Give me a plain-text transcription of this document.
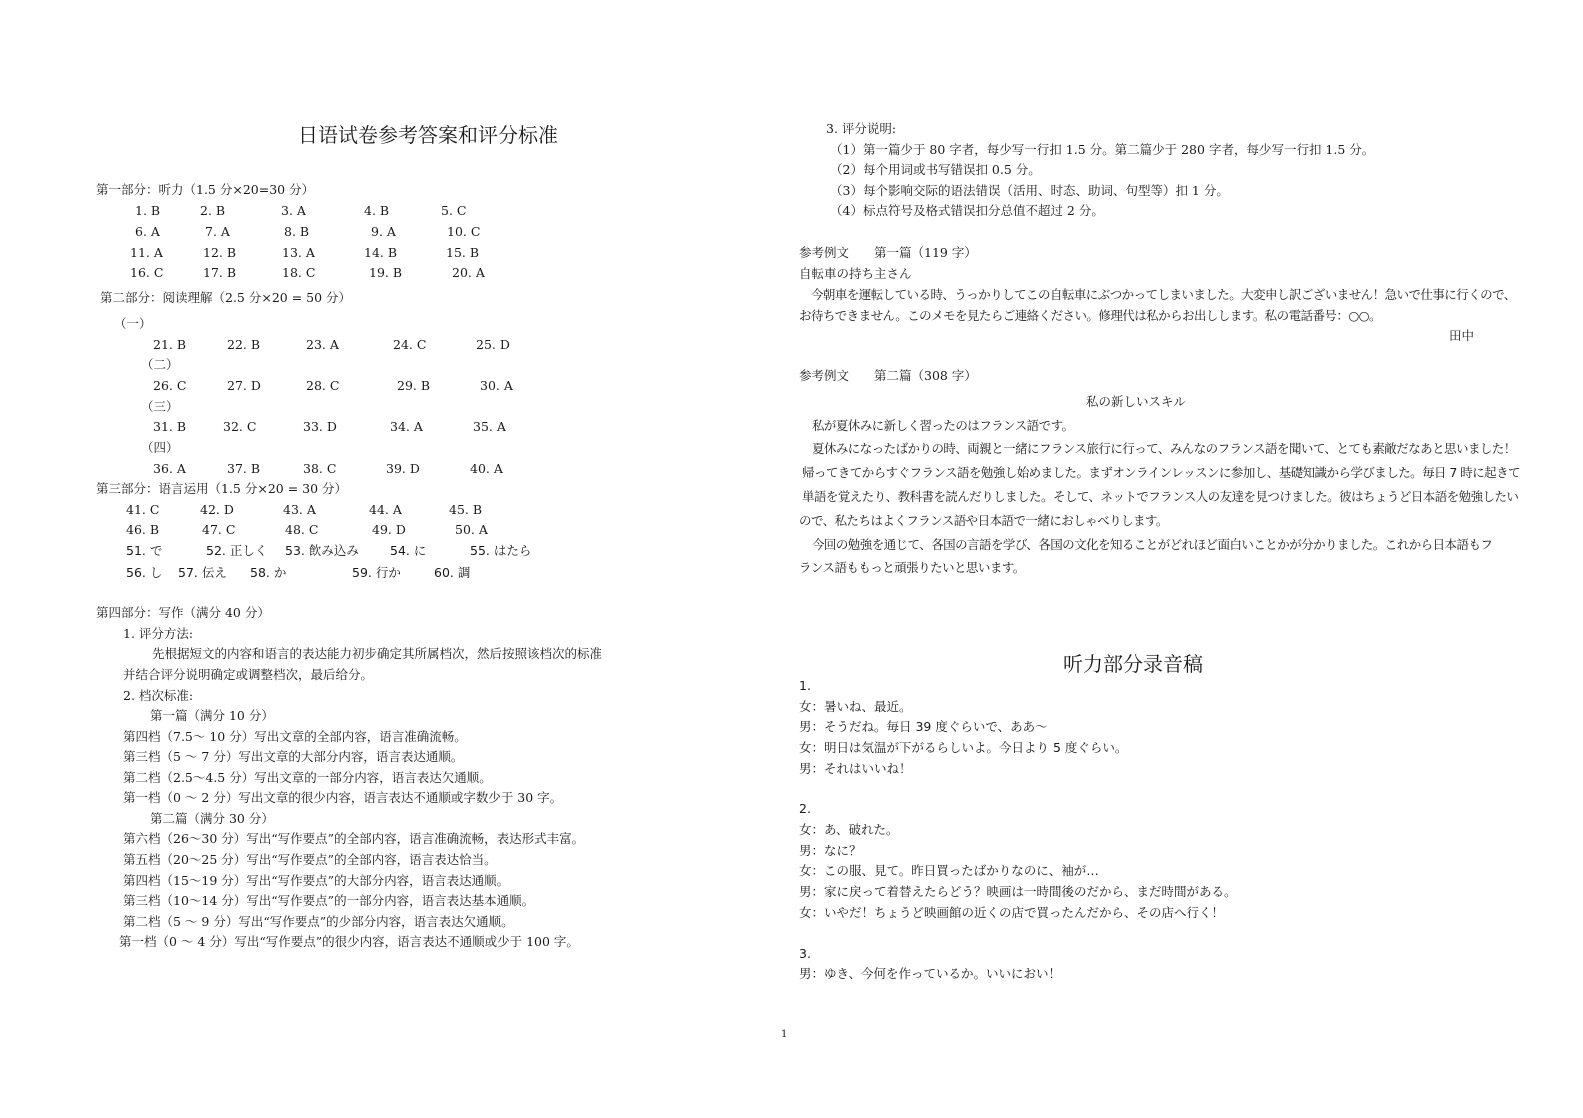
日语试卷参考答案和评分标准
第一部分：听力（1.5 分×20=30 分）
1. B	2. B	3. A	4. B	5. C
6. A	7. A	8. B	9. A	10. C
11. A	12. B	13. A	14. B	15. B
16. C	17. B	18. C	19. B	20. A
第二部分：阅读理解（2.5 分×20 = 50 分）
（一）
21. B	22. B	23. A	24. C	25. D
（二）
26. C	27. D	28. C	29. B	30. A
（三）
31. B	32. C	33. D	34. A	35. A
（四）
36. A	37. B	38. C	39. D	40. A
第三部分：语言运用（1.5 分×20 = 30 分）
41. C	42. D	43. A	44. A	45. B
46. B	47. C	48. C	49. D	50. A
51. で	52. 正しく 53. 飲み込み 54. に	55. はたら
56. し 57. 伝え 58. か	59. 行か	60. 調
第四部分：写作（满分 40 分）
1. 评分方法:
先根据短文的内容和语言的表达能力初步确定其所属档次，然后按照该档次的标准
并结合评分说明确定或调整档次，最后给分。
2. 档次标准:
第一篇（满分 10 分）
第四档（7.5～ 10 分）写出文章的全部内容，语言准确流畅。
第三档（5 ～ 7 分）写出文章的大部分内容，语言表达通顺。
第二档（2.5～4.5 分）写出文章的一部分内容，语言表达欠通顺。
第一档（0 ～ 2 分）写出文章的很少内容，语言表达不通顺或字数少于 30 字。
第二篇（满分 30 分）
第六档（26～30 分）写出“写作要点”的全部内容，语言准确流畅，表达形式丰富。
第五档（20～25 分）写出“写作要点”的全部内容，语言表达恰当。
第四档（15～19 分）写出“写作要点”的大部分内容，语言表达通顺。
第三档（10～14 分）写出“写作要点”的一部分内容，语言表达基本通顺。
第二档（5 ～ 9 分）写出“写作要点”的少部分内容，语言表达欠通顺。
第一档（0 ～ 4 分）写出“写作要点”的很少内容，语言表达不通顺或少于 100 字。
3. 评分说明:
（1）第一篇少于 80 字者，每少写一行扣 1.5 分。第二篇少于 280 字者，每少写一行扣 1.5 分。
（2）每个用词或书写错误扣 0.5 分。
（3）每个影响交际的语法错误（活用、时态、助词、句型等）扣 1 分。
（4）标点符号及格式错误扣分总值不超过 2 分。
参考例文　　第一篇（119 字）
自転車の持ち主さん
　今朝車を運転している時、うっかりしてこの自転車にぶつかってしまいました。大変申し訳ございません！急いで仕事に行くので、
お待ちできません。このメモを見たらご連絡ください。修理代は私からお出しします。私の電話番号：○○。
田中
参考例文　　第二篇（308 字）
私の新しいスキル
　私が夏休みに新しく習ったのはフランス語です。
　夏休みになったばかりの時、両親と一緒にフランス旅行に行って、みんなのフランス語を聞いて、とても素敵だなあと思いました！
帰ってきてからすぐフランス語を勉強し始めました。まずオンラインレッスンに参加し、基礎知識から学びました。毎日 7 時に起きて
単語を覚えたり、教科書を読んだりしました。そして、ネットでフランス人の友達を見つけました。彼はちょうど日本語を勉強したい
ので、私たちはよくフランス語や日本語で一緒におしゃべりします。
　今回の勉強を通じて、各国の言語を学び、各国の文化を知ることがどれほど面白いことかが分かりました。これから日本語もフ
ランス語ももっと頑張りたいと思います。
听力部分录音稿
1.
女：暑いね、最近。
男：そうだね。毎日 39 度ぐらいで、ああ～
女：明日は気温が下がるらしいよ。今日より 5 度ぐらい。
男：それはいいね！
2.
女：あ、破れた。
男：なに？
女：この服、見て。昨日買ったばかりなのに、袖が…
男：家に戻って着替えたらどう？映画は一時間後のだから、まだ時間がある。
女：いやだ！ちょうど映画館の近くの店で買ったんだから、その店へ行く！
3.
男：ゆき、今何を作っているか。いいにおい！
1
